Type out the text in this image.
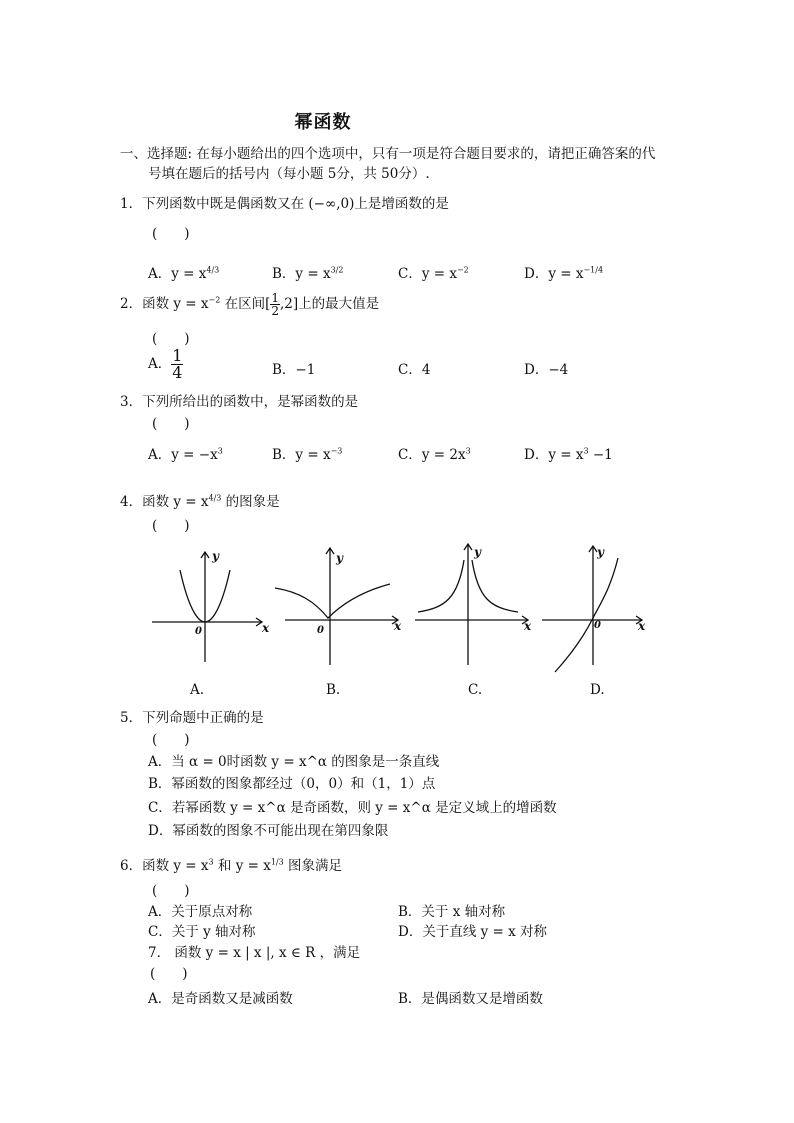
幂函数
一、选择题: 在每小题给出的四个选项中，只有一项是符合题目要求的，请把正确答案的代
号填在题后的括号内（每小题 5分，共 50分）.
1．下列函数中既是偶函数又在 (−∞,0)上是增函数的是
(　　)
A．$y = x^{4/3}$	B．$y = x^{3/2}$	C．$y = x^{-2}$	D．$y = x^{-1/4}$
2．函数 $y = x^{-2}$ 在区间[ $\frac{1}{2} ,2$]上的最大值是
(　　)
A． $\frac{1}{4}$	B．−1	C．4	D．−4
3．下列所给出的函数中，是幂函数的是
(　　)
A．$y = -x^3$	B．$y = x^{-3}$	C．$y = 2x^3$	D．$y = x^3 -1$
4．函数 $y = x^{4/3}$ 的图象是
(　　)
x
y
0	x
y
0	x
y
x
y
0
A.	B.	C.	D.
5．下列命题中正确的是
(　　)
A．当 α = 0时函数 y = x^α 的图象是一条直线
B．幂函数的图象都经过（0，0）和（1，1）点
C．若幂函数 y = x^α 是奇函数，则 y = x^α 是定义域上的增函数
D．幂函数的图象不可能出现在第四象限
6．函数 $y = x^3$ 和 $y = x^{1/3}$ 图象满足
(　　)
A．关于原点对称	B．关于 x 轴对称
C．关于 y 轴对称	D．关于直线 y = x 对称
7． 函数 y = x | x |, x ∈ R ，满足
(　　)
A．是奇函数又是减函数	B．是偶函数又是增函数
